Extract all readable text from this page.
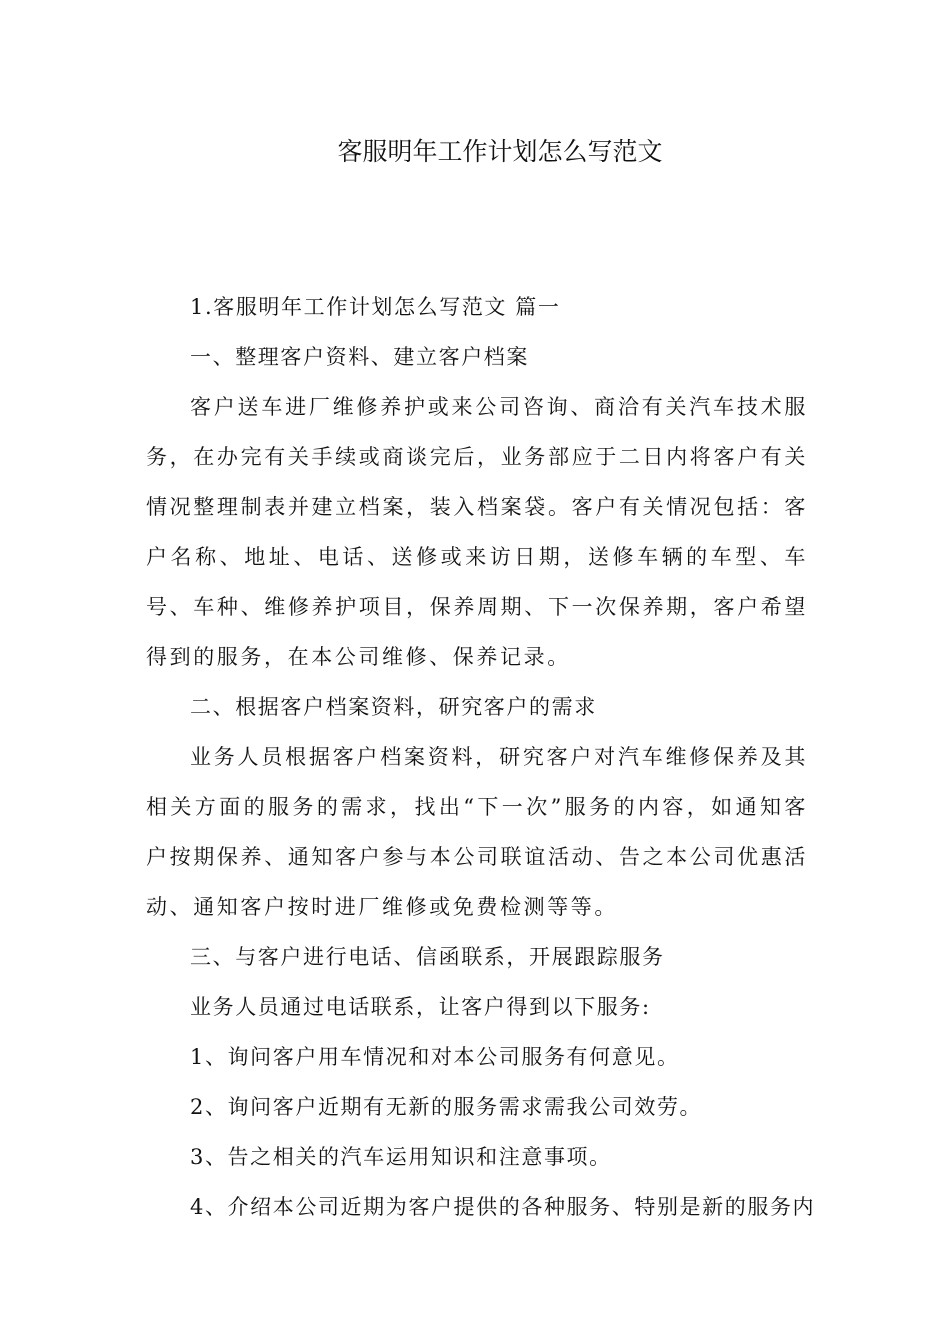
客服明年工作计划怎么写范文

1.客服明年工作计划怎么写范文 篇一

一、整理客户资料、建立客户档案

客户送车进厂维修养护或来公司咨询、商洽有关汽车技术服务，在办完有关手续或商谈完后，业务部应于二日内将客户有关情况整理制表并建立档案，装入档案袋。客户有关情况包括：客户名称、地址、电话、送修或来访日期，送修车辆的车型、车号、车种、维修养护项目，保养周期、下一次保养期，客户希望得到的服务，在本公司维修、保养记录。

二、根据客户档案资料，研究客户的需求

业务人员根据客户档案资料，研究客户对汽车维修保养及其相关方面的服务的需求，找出“下一次”服务的内容，如通知客户按期保养、通知客户参与本公司联谊活动、告之本公司优惠活动、通知客户按时进厂维修或免费检测等等。

三、与客户进行电话、信函联系，开展跟踪服务

业务人员通过电话联系，让客户得到以下服务:

1、询问客户用车情况和对本公司服务有何意见。

2、询问客户近期有无新的服务需求需我公司效劳。

3、告之相关的汽车运用知识和注意事项。

4、介绍本公司近期为客户提供的各种服务、特别是新的服务内
